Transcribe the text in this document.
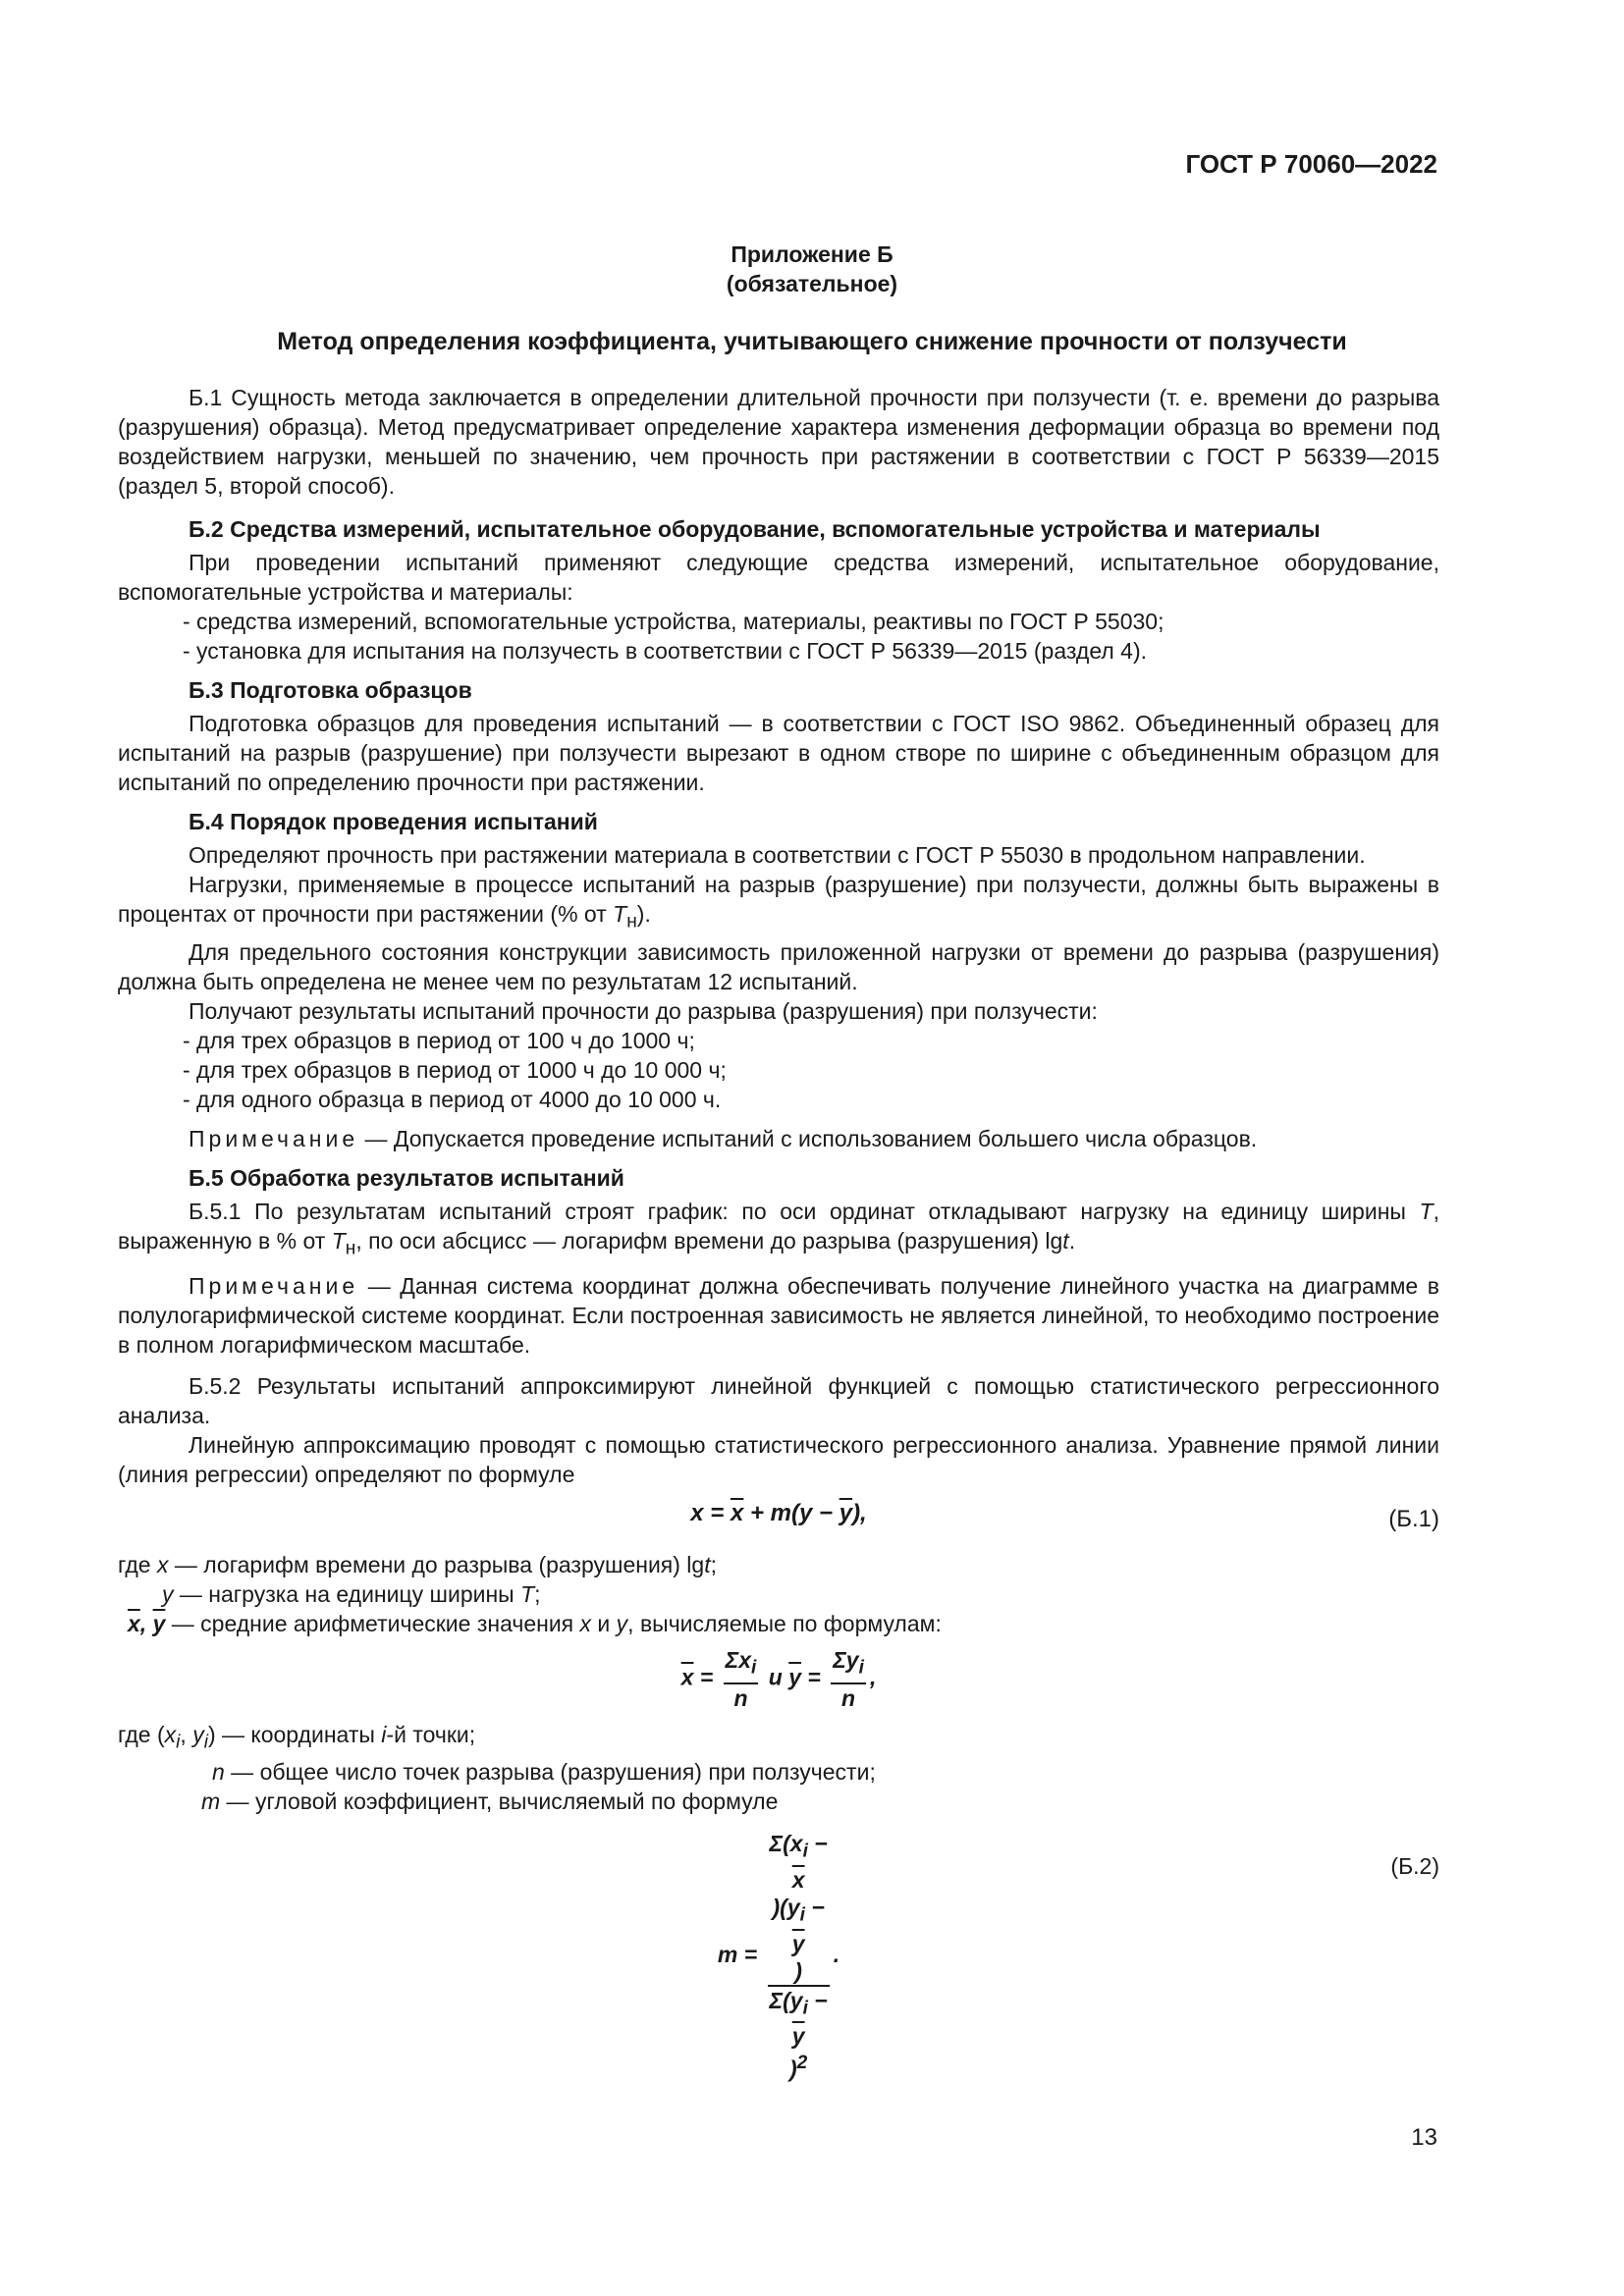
ГОСТ Р 70060—2022
Приложение Б
(обязательное)
Метод определения коэффициента, учитывающего снижение прочности от ползучести

Б.1 Сущность метода заключается в определении длительной прочности при ползучести (т. е. времени до разрыва (разрушения) образца). Метод предусматривает определение характера изменения деформации образца во времени под воздействием нагрузки, меньшей по значению, чем прочность при растяжении в соответствии с ГОСТ Р 56339—2015 (раздел 5, второй способ).

Б.2 Средства измерений, испытательное оборудование, вспомогательные устройства и материалы

При проведении испытаний применяют следующие средства измерений, испытательное оборудование, вспомогательные устройства и материалы:

- средства измерений, вспомогательные устройства, материалы, реактивы по ГОСТ Р 55030;
- установка для испытания на ползучесть в соответствии с ГОСТ Р 56339—2015 (раздел 4).
Б.3 Подготовка образцов

Подготовка образцов для проведения испытаний — в соответствии с ГОСТ ISO 9862. Объединенный образец для испытаний на разрыв (разрушение) при ползучести вырезают в одном створе по ширине с объединенным образцом для испытаний по определению прочности при растяжении.

Б.4 Порядок проведения испытаний

Определяют прочность при растяжении материала в соответствии с ГОСТ Р 55030 в продольном направлении.

Нагрузки, применяемые в процессе испытаний на разрыв (разрушение) при ползучести, должны быть выражены в процентах от прочности при растяжении (% от $T_н$).

Для предельного состояния конструкции зависимость приложенной нагрузки от времени до разрыва (разрушения) должна быть определена не менее чем по результатам 12 испытаний.

Получают результаты испытаний прочности до разрыва (разрушения) при ползучести:

- для трех образцов в период от 100 ч до 1000 ч;
- для трех образцов в период от 1000 ч до 10 000 ч;
- для одного образца в период от 4000 до 10 000 ч.

Примечание — Допускается проведение испытаний с использованием большего числа образцов.

Б.5 Обработка результатов испытаний

Б.5.1 По результатам испытаний строят график: по оси ординат откладывают нагрузку на единицу ширины T, выраженную в % от $T_н$, по оси абсцисс — логарифм времени до разрыва (разрушения) lgt.

Примечание — Данная система координат должна обеспечивать получение линейного участка на диаграмме в полулогарифмической системе координат. Если построенная зависимость не является линейной, то необходимо построение в полном логарифмическом масштабе.

Б.5.2 Результаты испытаний аппроксимируют линейной функцией с помощью статистического регрессионного анализа.

Линейную аппроксимацию проводят с помощью статистического регрессионного анализа. Уравнение прямой линии (линия регрессии) определяют по формуле

$x = \overline{x} + m(y - \overline{y})$,	(Б.1)
где x — логарифм времени до разрыва (разрушения) lgt;
y — нагрузка на единицу ширины T;
$\overline{x}$, $\overline{y}$ — средние арифметические значения x и y, вычисляемые по формулам:
$\overline{x} = \frac{\Sigma x_i}{n}$ и $\overline{y} = \frac{\Sigma y_i}{n}$ ,
где ($x_i$, $y_i$) — координаты i-й точки;
n — общее число точек разрыва (разрушения) при ползучести;
m — угловой коэффициент, вычисляемый по формуле
$m = \Sigma(x_i$ −
$\overline{x}$
)($y_i$ −
$\overline{y}$
)
$\Sigma(y_i$ −
$\overline{y}$
)$^2$ .
(Б.2)
13
